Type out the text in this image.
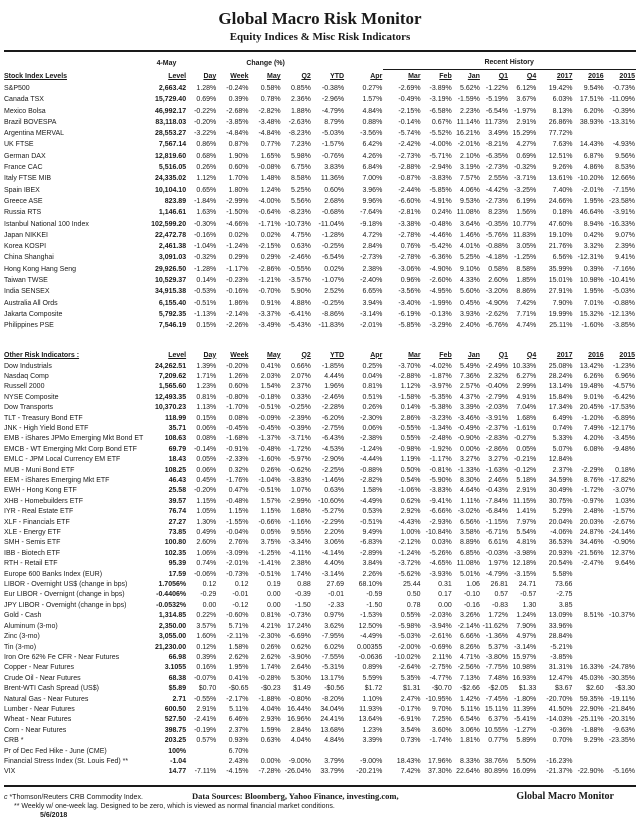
Global Macro Risk Monitor
Equity Indices & Misc Risk Indicators
	4-May	Change (%)						Recent History							
Stock Index Levels	Level	Day	Week	May	Q2	YTD	Apr	Mar	Feb	Jan	Q1	Q4	2017	2016	2015
S&P500	2,663.42	1.28%	-0.24%	0.58%	0.85%	-0.38%	0.27%	-2.69%	-3.89%	5.62%	-1.22%	6.12%	19.42%	9.54%	-0.73%
Canada TSX	15,729.40	0.69%	0.39%	0.78%	2.36%	-2.96%	1.57%	-0.49%	-3.19%	-1.59%	-5.19%	3.67%	6.03%	17.51%	-11.09%
Mexico Bolsa	46,992.17	-0.22%	-2.68%	-2.82%	1.88%	-4.79%	4.84%	-2.15%	-6.58%	2.23%	-6.54%	-1.97%	8.13%	6.20%	-0.39%
Brazil BOVESPA	83,118.03	-0.20%	-3.85%	-3.48%	-2.63%	8.79%	0.88%	-0.14%	0.67%	11.14%	11.73%	2.91%	26.86%	38.93%	-13.31%
Argentina MERVAL	28,553.27	-3.22%	-4.84%	-4.84%	-8.23%	-5.03%	-3.56%	-5.74%	-5.52%	16.21%	3.49%	15.29%	77.72%		
UK FTSE	7,567.14	0.86%	0.87%	0.77%	7.23%	-1.57%	6.42%	-2.42%	-4.00%	-2.01%	-8.21%	4.27%	7.63%	14.43%	-4.93%
German DAX	12,819.60	0.68%	1.90%	1.65%	5.98%	-0.76%	4.26%	-2.73%	-5.71%	2.10%	-6.35%	0.69%	12.51%	6.87%	9.56%
France CAC	5,516.05	0.26%	0.60%	-0.08%	6.75%	3.83%	6.84%	-2.88%	-2.94%	3.19%	-2.73%	-0.32%	9.26%	4.86%	8.53%
Italy FTSE MIB	24,335.02	1.12%	1.70%	1.48%	8.58%	11.36%	7.00%	-0.87%	-3.83%	7.57%	2.55%	-3.71%	13.61%	-10.20%	12.66%
Spain IBEX	10,104.10	0.65%	1.80%	1.24%	5.25%	0.60%	3.96%	-2.44%	-5.85%	4.06%	-4.42%	-3.25%	7.40%	-2.01%	-7.15%
Greece ASE	823.89	-1.84%	-2.99%	-4.00%	5.56%	2.68%	9.96%	-6.60%	-4.91%	9.53%	-2.73%	6.19%	24.66%	1.95%	-23.58%
Russia RTS	1,146.61	1.63%	-1.50%	-0.64%	-8.23%	-0.68%	-7.64%	-2.81%	0.24%	11.08%	8.23%	1.56%	0.18%	46.64%	-3.91%
Istanbul National 100 Index	102,599.20	-0.30%	-4.66%	-1.71%	-10.73%	-11.04%	-9.18%	-3.38%	-0.48%	3.64%	-0.35%	10.77%	47.60%	8.94%	-16.33%
Japan NIKKEI	22,472.78	-0.16%	0.02%	0.02%	4.75%	-1.28%	4.72%	-2.78%	-4.46%	1.46%	-5.76%	11.83%	19.10%	0.42%	9.07%
Korea KOSPI	2,461.38	-1.04%	-1.24%	-2.15%	0.63%	-0.25%	2.84%	0.76%	-5.42%	4.01%	-0.88%	3.05%	21.76%	3.32%	2.39%
China Shanghai	3,091.03	-0.32%	0.29%	0.29%	-2.46%	-6.54%	-2.73%	-2.78%	-6.36%	5.25%	-4.18%	-1.25%	6.56%	-12.31%	9.41%
Hong Kong Hang Seng	29,926.50	-1.28%	-1.17%	-2.86%	-0.55%	0.02%	2.38%	-3.06%	-4.90%	9.10%	0.58%	8.58%	35.99%	0.39%	-7.16%
Taiwan TWSE	10,529.37	0.14%	-0.23%	-1.21%	-3.57%	-1.07%	-2.40%	0.96%	-2.60%	4.33%	2.60%	1.85%	15.01%	10.98%	-10.41%
India SENSEX	34,915.38	-0.53%	-0.16%	-0.70%	5.90%	2.52%	6.65%	-3.56%	-4.95%	5.60%	-3.20%	8.86%	27.91%	1.95%	-5.03%
Australia All Ords	6,155.40	-0.51%	1.86%	0.91%	4.88%	-0.25%	3.94%	-3.40%	-1.99%	0.45%	-4.90%	7.42%	7.90%	7.01%	-0.88%
Jakarta Composite	5,792.35	-1.13%	-2.14%	-3.37%	-6.41%	-8.86%	-3.14%	-6.19%	-0.13%	3.93%	-2.62%	7.71%	19.99%	15.32%	-12.13%
Philippines PSE	7,546.19	0.15%	-2.26%	-3.49%	-5.43%	-11.83%	-2.01%	-5.85%	-3.29%	2.40%	-6.76%	4.74%	25.11%	-1.60%	-3.85%

Other Risk Indicators :	Level	Day	Week	May	Q2	YTD	Apr	Mar	Feb	Jan	Q1	Q4	2017	2016	2015
Dow Industrials	24,262.51	1.39%	-0.20%	0.41%	0.66%	-1.85%	0.25%	-3.70%	-4.02%	5.49%	-2.49%	10.33%	25.08%	13.42%	-1.23%
Nasdaq Comp	7,209.62	1.71%	1.26%	2.03%	2.07%	4.44%	0.04%	-2.88%	-1.87%	7.36%	2.32%	6.27%	28.24%	6.26%	6.96%
Russell 2000	1,565.60	1.23%	0.60%	1.54%	2.37%	1.96%	0.81%	1.12%	-3.97%	2.57%	-0.40%	2.99%	13.14%	19.48%	-4.57%
NYSE Composite	12,493.35	0.81%	-0.80%	-0.18%	0.33%	-2.46%	0.51%	-1.58%	-5.35%	4.37%	-2.79%	4.91%	15.84%	9.01%	-6.42%
Dow Transports	10,370.23	1.13%	-1.70%	-0.51%	-0.25%	-2.28%	0.26%	0.14%	-5.38%	3.39%	-2.03%	7.04%	17.34%	20.45%	-17.53%
TLT - Treasury Bond ETF	118.99	0.15%	0.08%	-0.09%	-2.39%	-6.20%	-2.30%	2.86%	-3.23%	-3.46%	-3.91%	1.68%	6.49%	-1.20%	-6.89%
JNK - High Yield Bond ETF	35.71	0.06%	-0.45%	-0.45%	-0.39%	-2.75%	0.06%	-0.55%	-1.34%	-0.49%	-2.37%	-1.61%	0.74%	7.49%	-12.17%
EMB - iShares JPMo Emerging Mkt Bond ET	108.63	0.08%	-1.68%	-1.37%	-3.71%	-6.43%	-2.38%	0.55%	-2.48%	-0.90%	-2.83%	-0.27%	5.33%	4.20%	-3.45%
EMCB - WT Emerging Mkt Corp Bond ETF	69.79	-0.14%	-0.91%	-0.48%	-1.72%	-4.53%	-1.24%	-0.98%	-1.92%	0.00%	-2.86%	0.05%	5.07%	6.08%	-9.48%
EMLC - JPM Local Currency EM ETF	18.43	0.05%	-2.33%	-1.60%	-5.97%	-2.90%	-4.44%	1.19%	-1.17%	3.27%	3.27%	-0.21%	12.84%		
MUB - Muni Bond ETF	108.25	0.06%	0.32%	0.26%	-0.62%	-2.25%	-0.88%	0.50%	-0.81%	-1.33%	-1.63%	-0.12%	2.37%	-2.29%	0.18%
EEM - iShares Emerging Mkt ETF	46.43	0.45%	-1.76%	-1.04%	-3.83%	-1.46%	-2.82%	0.54%	-5.90%	8.30%	2.46%	5.18%	34.59%	8.76%	-17.82%
EWH - Hong Kong ETF	25.58	-0.20%	0.47%	-0.51%	1.07%	0.63%	1.58%	-1.06%	-3.83%	4.64%	-0.43%	2.91%	30.49%	-1.72%	-3.07%
XHB - Homebuilders ETF	39.57	1.15%	-0.48%	1.57%	-2.99%	-10.60%	-4.49%	0.62%	-9.41%	1.11%	-7.84%	11.15%	30.75%	-0.97%	1.03%
IYR - Real Estate ETF	76.74	1.05%	1.15%	1.15%	1.68%	-5.27%	0.53%	2.92%	-6.66%	-3.02%	-6.84%	1.41%	5.29%	2.48%	-1.57%
XLF - Financials ETF	27.27	1.30%	-1.55%	-0.66%	-1.16%	-2.29%	-0.51%	-4.43%	-2.93%	6.56%	-1.15%	7.97%	20.04%	20.03%	-2.67%
XLE - Energy ETF	73.85	0.49%	-0.04%	0.05%	9.55%	2.20%	9.49%	1.00%	-10.84%	3.58%	-6.71%	5.54%	-4.06%	24.87%	-24.14%
SMH - Semis ETF	100.80	2.60%	2.76%	3.75%	-3.34%	3.06%	-6.83%	-2.12%	0.03%	8.89%	6.61%	4.81%	36.53%	34.46%	-0.90%
IBB - Biotech ETF	102.35	1.06%	-3.09%	-1.25%	-4.11%	-4.14%	-2.89%	-1.24%	-5.26%	6.85%	-0.03%	-3.98%	20.93%	-21.56%	12.37%
RTH - Retail ETF	95.39	0.74%	-2.01%	-1.41%	2.38%	4.40%	3.84%	-3.72%	-4.65%	11.08%	1.97%	12.18%	20.54%	-2.47%	9.64%
Europe 600 Banks Index (EUR)	17.59	-0.06%	-0.73%	-0.51%	1.74%	-3.14%	2.26%	-5.62%	-3.93%	5.01%	-4.79%	-3.15%	5.58%		
LIBOR - Overnight US$ (change in bps)	1.7056%	0.12	0.12	0.19	0.88	27.69	68.10%	25.44	0.31	1.06	26.81	24.71	73.66		
Eur LIBOR - Overnignt (change in bps)	-0.4406%	-0.29	-0.01	0.00	-0.39	-0.01	-0.59	0.50	0.17	-0.10	0.57	-0.57	-2.75		
JPY LIBOR - Overnight (change in bps)	-0.0532%	0.00	-0.12	0.00	-1.50	-2.33	-1.50	0.78	0.00	-0.16	-0.83	1.30	3.85		
Gold - Cash	1,314.85	0.22%	-0.60%	0.81%	-0.73%	0.97%	-1.53%	0.55%	-2.03%	3.26%	1.72%	1.24%	13.09%	8.51%	-10.37%
Aluminum (3-mo)	2,350.00	3.57%	5.71%	4.21%	17.24%	3.62%	12.50%	-5.98%	-3.94%	-2.14%	-11.62%	7.90%	33.96%		
Zinc (3-mo)	3,055.00	1.60%	-2.11%	-2.30%	-6.69%	-7.95%	-4.49%	-5.03%	-2.61%	6.66%	-1.36%	4.97%	28.84%		
Tin (3-mo)	21,230.00	0.12%	1.58%	0.26%	0.62%	6.02%	0.00355	-2.00%	-0.69%	8.26%	5.37%	-3.14%	-5.21%		
Iron Ore 62% Fe CFR - Near Futures	66.98	0.39%	2.62%	2.62%	-3.90%	-7.55%	-0.0636	-10.02%	2.11%	4.71%	-3.80%	15.97%	-3.85%		
Copper - Near Futures	3.1055	0.16%	1.95%	1.74%	2.64%	-5.31%	0.89%	-2.64%	-2.75%	-2.56%	-7.75%	10.98%	31.31%	16.33%	-24.78%
Crude Oil - Near Futures	68.38	-0.07%	0.41%	-0.28%	5.30%	13.17%	5.59%	5.35%	-4.77%	7.13%	7.48%	16.93%	12.47%	45.03%	-30.35%
Brent-WTI Cash Spread (US$)	$5.89	$0.70	-$0.65	-$0.23	$1.49	-$0.56	$1.72	$1.31	-$0.70	-$2.66	-$2.05	$1.33	$3.67	$2.60	-$3.30
Natural Gas - Near Futures	2.71	-0.55%	-2.17%	-1.88%	-0.80%	-8.20%	1.10%	2.47%	-10.95%	1.42%	-7.45%	-1.80%	-20.70%	59.35%	-19.11%
Lumber - Near Futures	600.50	2.91%	5.11%	4.04%	16.44%	34.04%	11.93%	-0.17%	9.70%	5.11%	15.11%	11.39%	41.50%	22.90%	-21.84%
Wheat - Near Futures	527.50	-2.41%	6.46%	2.93%	16.96%	24.41%	13.64%	-6.91%	7.25%	6.54%	6.37%	-5.41%	-14.03%	-25.11%	-20.31%
Corn - Near Futures	398.75	-0.19%	2.37%	1.59%	2.84%	13.68%	1.23%	3.54%	3.60%	3.06%	10.55%	-1.27%	-0.36%	-1.88%	-9.63%
CRB *	203.25	0.57%	0.93%	0.63%	4.04%	4.84%	3.39%	0.73%	-1.74%	1.81%	0.77%	5.89%	0.70%	9.29%	-23.35%
Pr of Dec Fed Hike - June (CME)	100%		6.70%												
Financial Stress Index (St. Louis Fed) **	-1.04		2.43%	0.00%	-9.00%	3.79%	-9.00%	18.43%	17.96%	8.33%	38.76%	5.50%	-16.23%		
VIX	14.77	-7.11%	-4.15%	-7.28%	-26.04%	33.79%	-20.21%	7.42%	37.30%	22.64%	80.89%	16.09%	-21.37%	-22.90%	-5.16%
c *Thomson/Reuters CRB Commodity Index.	Data Sources: Bloomberg, Yahoo Finance, investing.com,	Global Macro Monitor
** Weekly w/ one-week lag. Designed to be zero, which is viewed as normal financial market conditions.
5/6/2018
